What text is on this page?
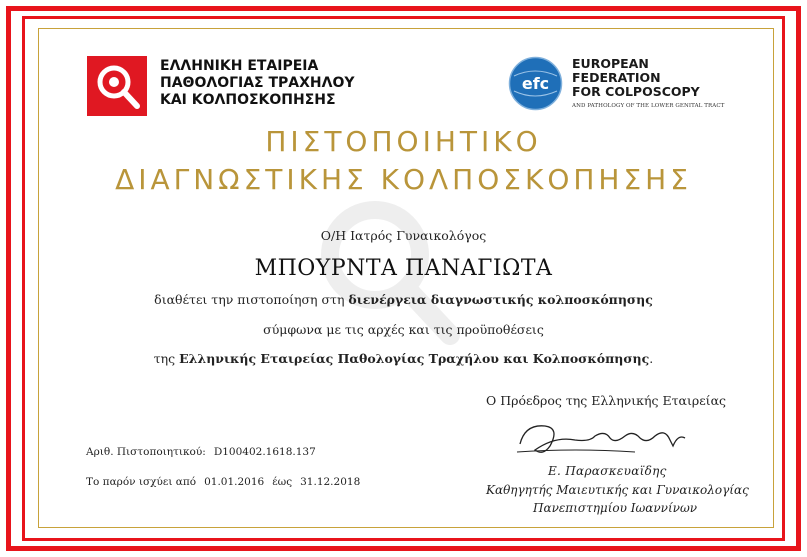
ΕΛΛΗΝΙΚΗ ΕΤΑΙΡΕΙΑ
ΠΑΘΟΛΟΓΙΑΣ ΤΡΑΧΗΛΟΥ
ΚΑΙ ΚΟΛΠΟΣΚΟΠΗΣΗΣ
efc
EUROPEAN
FEDERATION
FOR COLPOSCOPY
AND PATHOLOGY OF THE LOWER GENITAL TRACT
ΠΙΣΤΟΠΟΙΗΤΙΚΟ
ΔΙΑΓΝΩΣΤΙΚΗΣ ΚΟΛΠΟΣΚΟΠΗΣΗΣ
Ο/Η Ιατρός Γυναικολόγος
ΜΠΟΥΡΝΤΑ ΠΑΝΑΓΙΩΤΑ
διαθέτει την πιστοποίηση στη διενέργεια διαγνωστικής κολποσκόπησης
σύμφωνα με τις αρχές και τις προϋποθέσεις
της Ελληνικής Εταιρείας Παθολογίας Τραχήλου και Κολποσκόπησης.
Ο Πρόεδρος της Ελληνικής Εταιρείας
Ε. Παρασκευαϊδης
Καθηγητής Μαιευτικής και Γυναικολογίας
Πανεπιστημίου Ιωαννίνων
Αριθ. Πιστοποιητικού: D100402.1618.137
Το παρόν ισχύει από 01.01.2016 έως 31.12.2018
